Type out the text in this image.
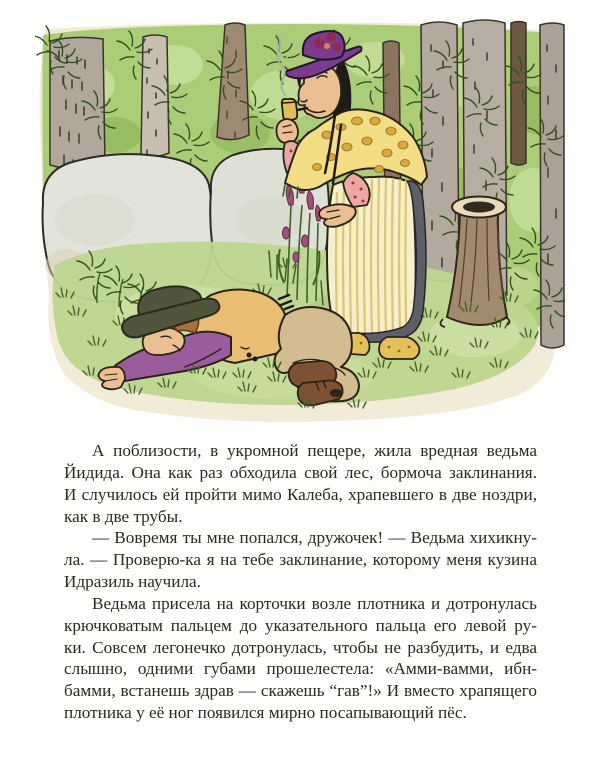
А поблизости, в укромной пещере, жила вредная ведьма
Йидида. Она как раз обходила свой лес, бормоча заклинания.
И случилось ей пройти мимо Калеба, храпевшего в две ноздри,
как в две трубы.
— Вовремя ты мне попался, дружочек! — Ведьма хихикну-
ла. — Проверю-ка я на тебе заклинание, которому меня кузина
Идразиль научила.
Ведьма присела на корточки возле плотника и дотронулась
крючковатым пальцем до указательного пальца его левой ру-
ки. Совсем легонечко дотронулась, чтобы не разбудить, и едва
слышно, одними губами прошелестела: «Амми-вамми, ибн-
бамми, встанешь здрав — скажешь “гав”!» И вместо храпящего
плотника у её ног появился мирно посапывающий пёс.
